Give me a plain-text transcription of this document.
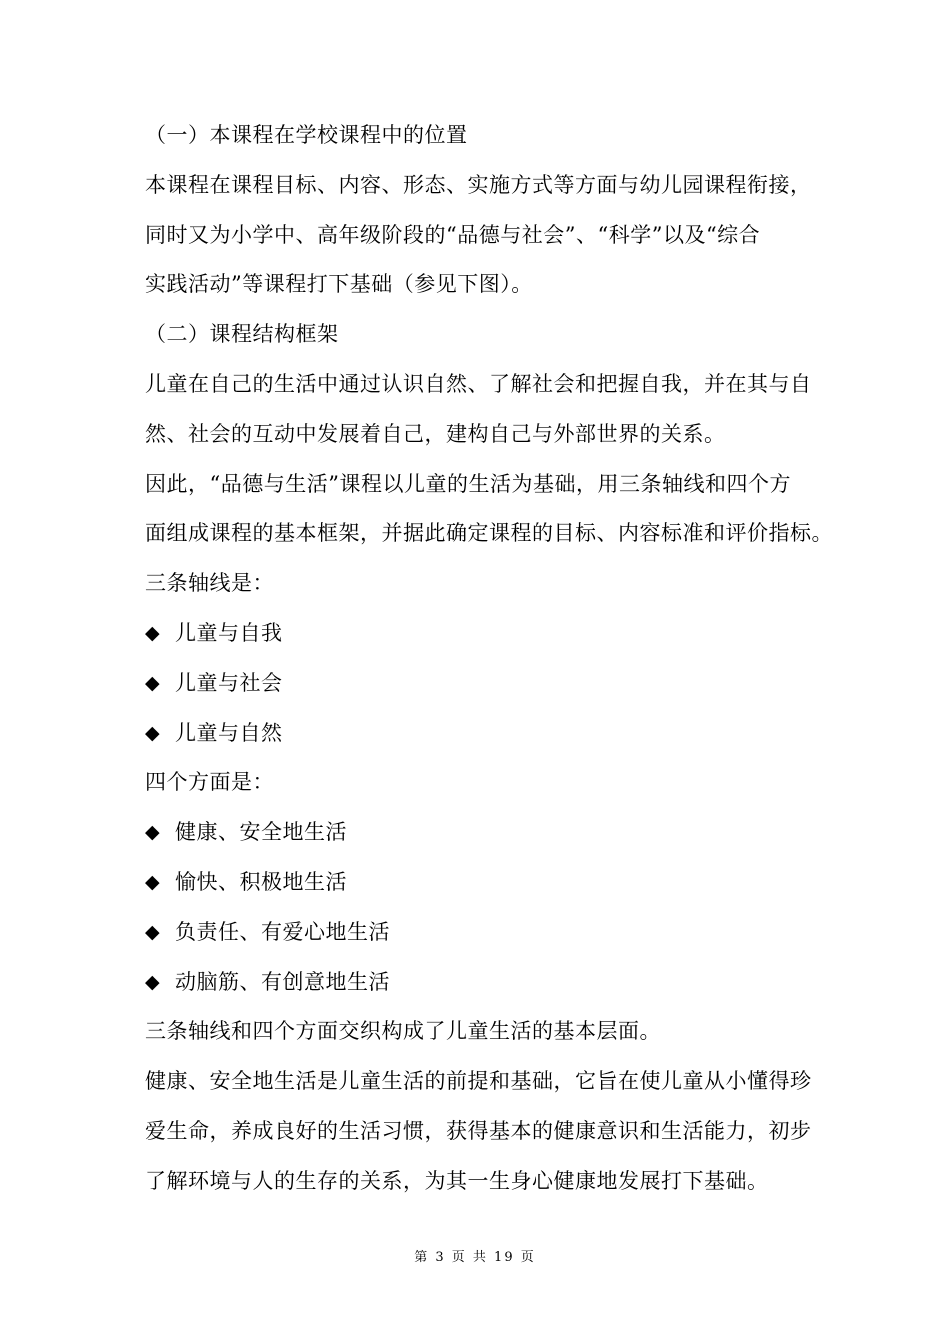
（一）本课程在学校课程中的位置
本课程在课程目标、内容、形态、实施方式等方面与幼儿园课程衔接，
同时又为小学中、高年级阶段的“品德与社会”、“科学”以及“综合
实践活动”等课程打下基础（参见下图）。
（二）课程结构框架
儿童在自己的生活中通过认识自然、了解社会和把握自我，并在其与自
然、社会的互动中发展着自己，建构自己与外部世界的关系。
因此，“品德与生活”课程以儿童的生活为基础，用三条轴线和四个方
面组成课程的基本框架，并据此确定课程的目标、内容标准和评价指标。
三条轴线是：
◆ 儿童与自我
◆ 儿童与社会
◆ 儿童与自然
四个方面是：
◆ 健康、安全地生活
◆ 愉快、积极地生活
◆ 负责任、有爱心地生活
◆ 动脑筋、有创意地生活
三条轴线和四个方面交织构成了儿童生活的基本层面。
健康、安全地生活是儿童生活的前提和基础，它旨在使儿童从小懂得珍
爱生命，养成良好的生活习惯，获得基本的健康意识和生活能力，初步
了解环境与人的生存的关系，为其一生身心健康地发展打下基础。
第 3 页 共 19 页
